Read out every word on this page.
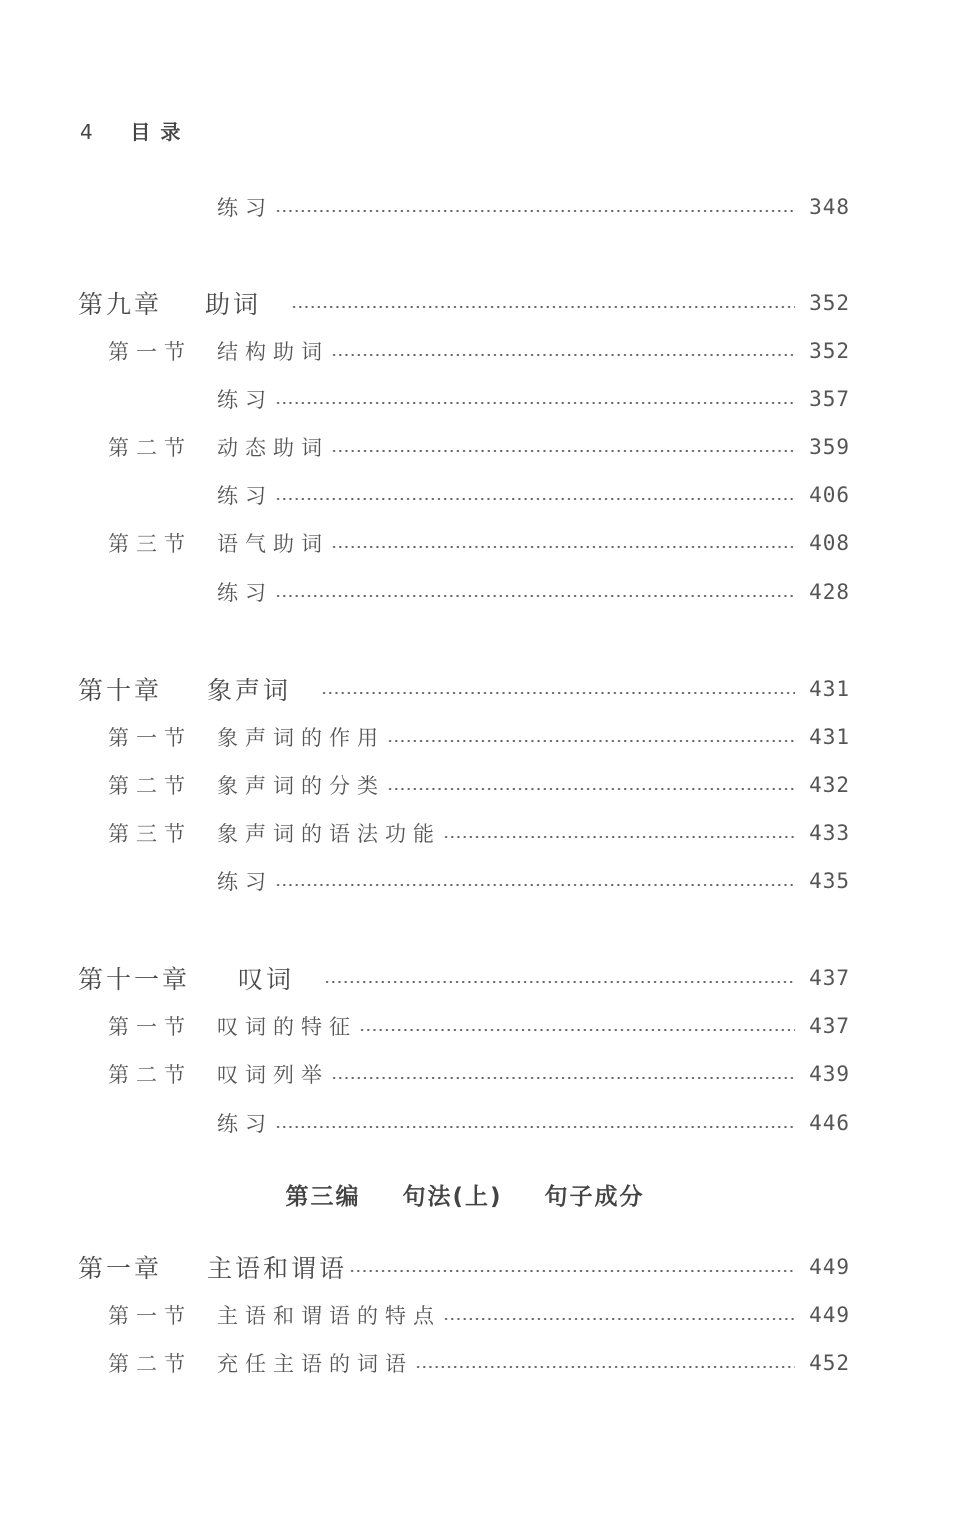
4 目录
练习	348
第九章 助词	352
第一节 结构助词	352
练习	357
第二节 动态助词	359
练习	406
第三节 语气助词	408
练习	428
第十章 象声词	431
第一节 象声词的作用	431
第二节 象声词的分类	432
第三节 象声词的语法功能	433
练习	435
第十一章 叹词	437
第一节 叹词的特征	437
第二节 叹词列举	439
练习	446
第一章 主语和谓语	449
第一节 主语和谓语的特点	449
第二节 充任主语的词语	452
第三编 句法(上) 句子成分
